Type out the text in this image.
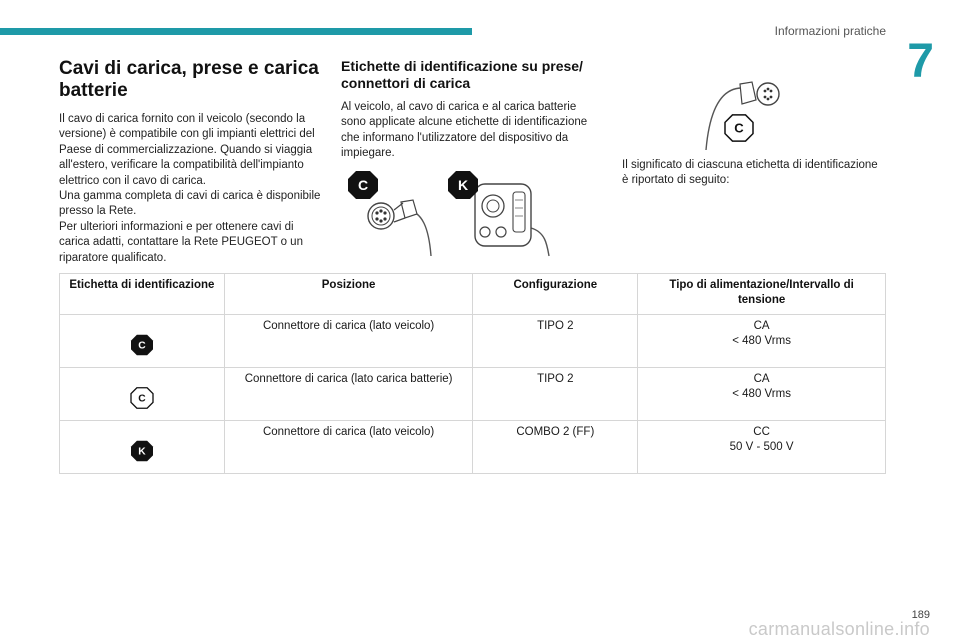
Informazioni pratiche
7
Cavi di carica, prese e carica batterie

Il cavo di carica fornito con il veicolo (secondo la versione) è compatibile con gli impianti elettrici del Paese di commercializzazione. Quando si viaggia all'estero, verificare la compatibilità dell'impianto elettrico con il cavo di carica.
Una gamma completa di cavi di carica è disponibile presso la Rete.
Per ulteriori informazioni e per ottenere cavi di carica adatti, contattare la Rete PEUGEOT o un riparatore qualificato.

Etichette di identificazione su prese/ connettori di carica

Al veicolo, al cavo di carica e al carica batterie sono applicate alcune etichette di identificazione che informano l'utilizzatore del dispositivo da impiegare.

C	K
C

Il significato di ciascuna etichetta di identificazione è riportato di seguito:

Etichetta di identificazione	Posizione	Configurazione	Tipo di alimentazione/Intervallo di tensione

C	Connettore di carica (lato veicolo)	TIPO 2	CA
< 480 Vrms

C	Connettore di carica (lato carica batterie)	TIPO 2	CA
< 480 Vrms

K	Connettore di carica (lato veicolo)	COMBO 2 (FF)	CC
50 V - 500 V
189
carmanualsonline.info
